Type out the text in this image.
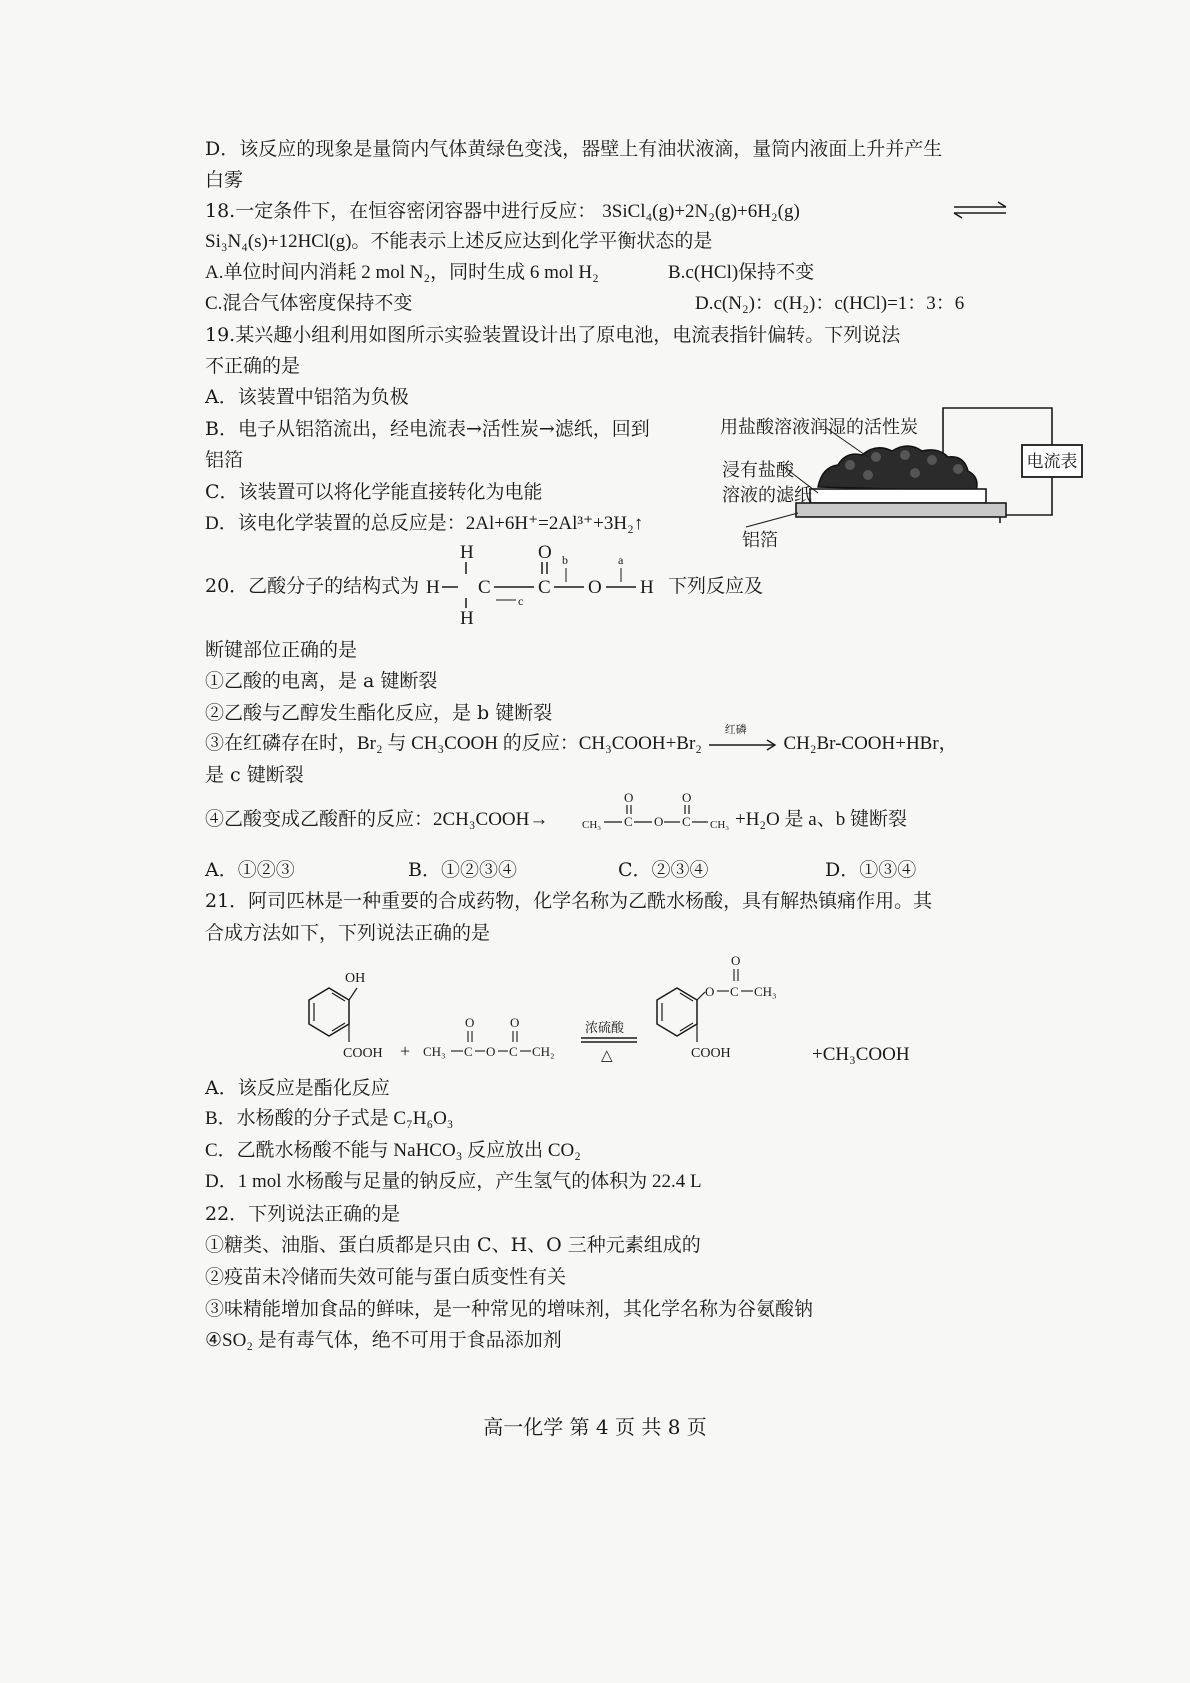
D．该反应的现象是量筒内气体黄绿色变浅，器壁上有油状液滴，量筒内液面上升并产生
白雾
18.一定条件下，在恒容密闭容器中进行反应： 3SiCl₄(g)+2N₂(g)+6H₂(g)
Si₃N₄(s)+12HCl(g)。不能表示上述反应达到化学平衡状态的是
A.单位时间内消耗 2 mol N₂，同时生成 6 mol H₂	B.c(HCl)保持不变
C.混合气体密度保持不变	D.c(N₂)：c(H₂)：c(HCl)=1：3：6
19.某兴趣小组利用如图所示实验装置设计出了原电池，电流表指针偏转。下列说法
不正确的是
A．该装置中铝箔为负极
B．电子从铝箔流出，经电流表→活性炭→滤纸，回到
铝箔
C．该装置可以将化学能直接转化为电能
D．该电化学装置的总反应是：2Al+6H⁺=2Al³⁺+3H₂↑
电流表
用盐酸溶液润湿的活性炭
浸有盐酸
溶液的滤纸
铝箔
20．乙酸分子的结构式为
H
H C
H
C
O
O H
b	a
c
下列反应及
断键部位正确的是
①乙酸的电离，是 a 键断裂
②乙酸与乙醇发生酯化反应，是 b 键断裂
③在红磷存在时，Br₂ 与 CH₃COOH 的反应：CH₃COOH+Br₂
红磷
CH₂Br-COOH+HBr，
是 c 键断裂
④乙酸变成乙酸酐的反应：2CH₃COOH→	CH₃ C
O
O C
O
CH₃ +H₂O 是 a、b 键断裂
A．①②③	B．①②③④	C．②③④	D．①③④
21．阿司匹林是一种重要的合成药物，化学名称为乙酰水杨酸，具有解热镇痛作用。其
合成方法如下，下列说法正确的是
OH
COOH + CH₃ C
O
O C
O
CH₂
浓硫酸
△
O C
O
CH₃
COOH	+CH₃COOH
A．该反应是酯化反应
B．水杨酸的分子式是 C₇H₆O₃
C．乙酰水杨酸不能与 NaHCO₃ 反应放出 CO₂
D．1 mol 水杨酸与足量的钠反应，产生氢气的体积为 22.4 L
22．下列说法正确的是
①糖类、油脂、蛋白质都是只由 C、H、O 三种元素组成的
②疫苗未冷储而失效可能与蛋白质变性有关
③味精能增加食品的鲜味，是一种常见的增味剂，其化学名称为谷氨酸钠
④SO₂ 是有毒气体，绝不可用于食品添加剂
高一化学 第 4 页 共 8 页
